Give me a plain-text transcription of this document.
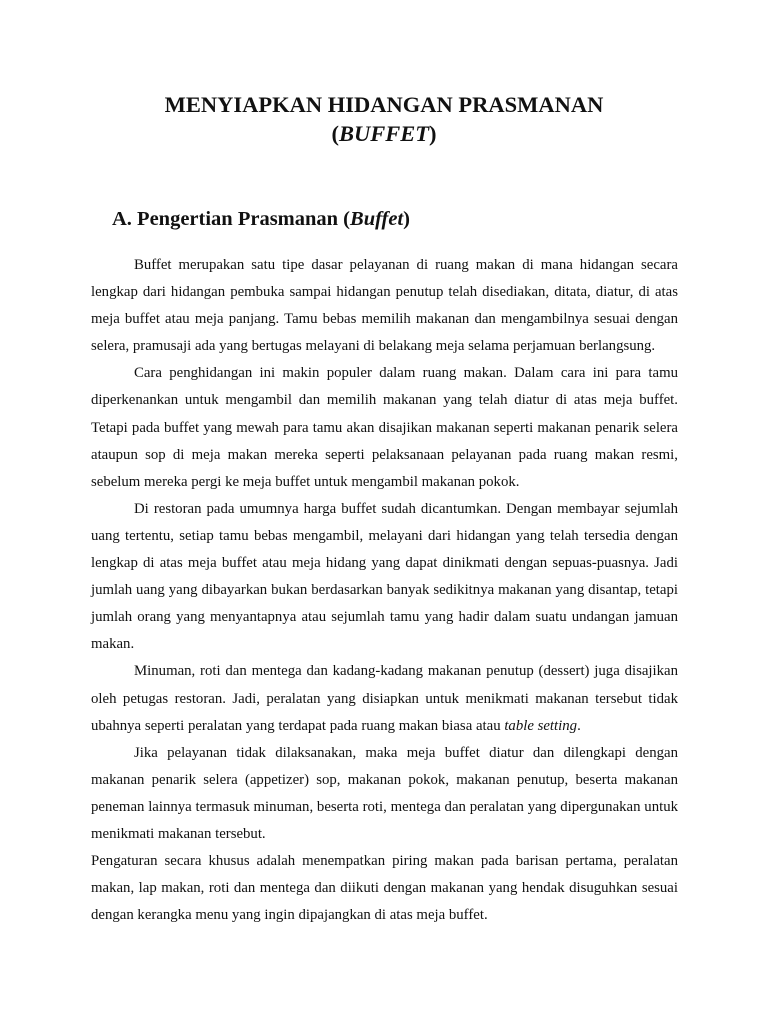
MENYIAPKAN HIDANGAN PRASMANAN
(BUFFET)
A. Pengertian Prasmanan (Buffet)

Buffet merupakan satu tipe dasar pelayanan di ruang makan di mana hidangan secara lengkap dari hidangan pembuka sampai hidangan penutup telah disediakan, ditata, diatur, di atas meja buffet atau meja panjang. Tamu bebas memilih makanan dan mengambilnya sesuai dengan selera, pramusaji ada yang bertugas melayani di belakang meja selama perjamuan berlangsung.

Cara penghidangan ini makin populer dalam ruang makan. Dalam cara ini para tamu diperkenankan untuk mengambil dan memilih makanan yang telah diatur di atas meja buffet. Tetapi pada buffet yang mewah para tamu akan disajikan makanan seperti makanan penarik selera ataupun sop di meja makan mereka seperti pelaksanaan pelayanan pada ruang makan resmi, sebelum mereka pergi ke meja buffet untuk mengambil makanan pokok.

Di restoran pada umumnya harga buffet sudah dicantumkan. Dengan membayar sejumlah uang tertentu, setiap tamu bebas mengambil, melayani dari hidangan yang telah tersedia dengan lengkap di atas meja buffet atau meja hidang yang dapat dinikmati dengan sepuas-puasnya. Jadi jumlah uang yang dibayarkan bukan berdasarkan banyak sedikitnya makanan yang disantap, tetapi jumlah orang yang menyantapnya atau sejumlah tamu yang hadir dalam suatu undangan jamuan makan.

Minuman, roti dan mentega dan kadang-kadang makanan penutup (dessert) juga disajikan oleh petugas restoran. Jadi, peralatan yang disiapkan untuk menikmati makanan tersebut tidak ubahnya seperti peralatan yang terdapat pada ruang makan biasa atau table setting.

Jika pelayanan tidak dilaksanakan, maka meja buffet diatur dan dilengkapi dengan makanan penarik selera (appetizer) sop, makanan pokok, makanan penutup, beserta makanan peneman lainnya termasuk minuman, beserta roti, mentega dan peralatan yang dipergunakan untuk menikmati makanan tersebut.

Pengaturan secara khusus adalah menempatkan piring makan pada barisan pertama, peralatan makan, lap makan, roti dan mentega dan diikuti dengan makanan yang hendak disuguhkan sesuai dengan kerangka menu yang ingin dipajangkan di atas meja buffet.
